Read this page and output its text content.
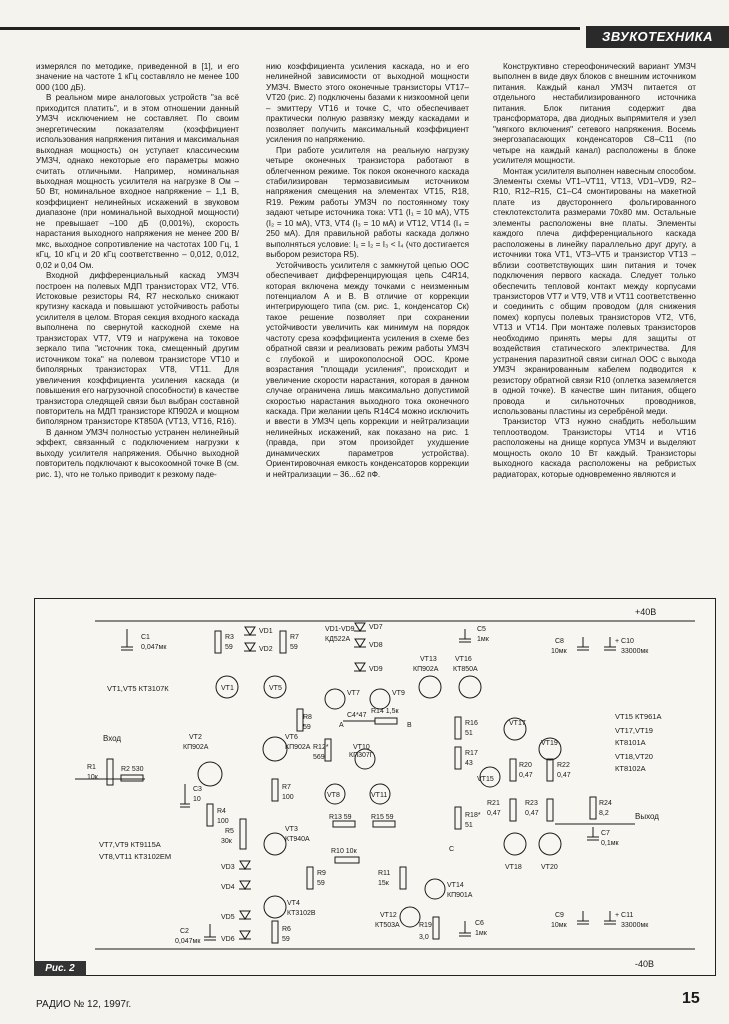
ЗВУКОТЕХНИКА

измерялся по методике, приведенной в [1], и его значение на частоте 1 кГц составляло не менее 100 000 (100 дБ).

В реальном мире аналоговых устройств "за всё приходится платить", и в этом отношении данный УМЗЧ исключением не составляет. По своим энергетическим показателям (коэффициент использования напряжения питания и максимальная выходная мощность) он уступает классическим УМЗЧ, однако некоторые его параметры можно считать отличными. Например, номинальная выходная мощность усилителя на нагрузке 8 Ом – 50 Вт, номинальное входное напряжение – 1,1 В, коэффициент нелинейных искажений в звуковом диапазоне (при номинальной выходной мощности) не превышает –100 дБ (0,001%), скорость нарастания выходного напряжения не менее 200 В/мкс, выходное сопротивление на частотах 100 Гц, 1 кГц, 10 кГц и 20 кГц соответственно – 0,012, 0,012, 0,02 и 0,04 Ом.

Входной дифференциальный каскад УМЗЧ построен на полевых МДП транзисторах VT2, VT6. Истоковые резисторы R4, R7 несколько снижают крутизну каскада и повышают устойчивость работы усилителя в целом. Вторая секция входного каскада выполнена по свернутой каскодной схеме на транзисторах VT7, VT9 и нагружена на токовое зеркало типа "источник тока, смещенный другим источником тока" на полевом транзисторе VT10 и биполярных транзисторах VT8, VT11. Для увеличения коэффициента усиления каскада (и повышения его нагрузочной способности) в качестве транзистора следящей связи был выбран составной повторитель на МДП транзисторе КП902А и мощном биполярном транзисторе КТ850А (VT13, VT16, R16).

В данном УМЗЧ полностью устранен нелинейный эффект, связанный с подключением нагрузки к выходу усилителя напряжения. Обычно выходной повторитель подключают к высокоомной точке В (см. рис. 1), что не только приводит к резкому паде-

нию коэффициента усиления каскада, но и его нелинейной зависимости от выходной мощности УМЗЧ. Вместо этого оконечные транзисторы VT17–VT20 (рис. 2) подключены базами к низкоомной цепи – эмиттеру VT16 и точке С, что обеспечивает практически полную развязку между каскадами и позволяет получить максимальный коэффициент усиления по напряжению.

При работе усилителя на реальную нагрузку четыре оконечных транзистора работают в облегченном режиме. Ток покоя оконечного каскада стабилизирован термозависимым источником напряжения смещения на элементах VT15, R18, R19. Режим работы УМЗЧ по постоянному току задают четыре источника тока: VT1 (I₁ = 10 мА), VT5 (I₂ = 10 мА), VT3, VT4 (I₃ = 10 мА) и VT12, VT14 (I₄ = 250 мА). Для правильной работы каскада должно выполняться условие: I₁ = I₂ = I₃ < I₄ (что достигается выбором резистора R5).

Устойчивость усилителя с замкнутой цепью ООС обеспечивает дифференцирующая цепь C4R14, которая включена между точками с неизменным потенциалом А и В. В отличие от коррекции интегрирующего типа (см. рис. 1, конденсатор Cк) такое решение позволяет при сохранении устойчивости увеличить как минимум на порядок частоту среза коэффициента усиления в схеме без обратной связи и реализовать режим работы УМЗЧ с глубокой и широкополосной ООС. Кроме возрастания "площади усиления", происходит и увеличение скорости нарастания, которая в данном случае ограничена лишь максимально допустимой скоростью нарастания выходного тока оконечного каскада. При желании цепь R14C4 можно исключить и ввести в УМЗЧ цепь коррекции и нейтрализации нелинейных искажений, как показано на рис. 1 (правда, при этом произойдет ухудшение динамических параметров устройства). Ориентировочная емкость конденсаторов коррекции и нейтрализации – 36...62 пФ.

Конструктивно стереофонический вариант УМЗЧ выполнен в виде двух блоков с внешним источником питания. Каждый канал УМЗЧ питается от отдельного нестабилизированного источника питания. Блок питания содержит два трансформатора, два диодных выпрямителя и узел "мягкого включения" сетевого напряжения. Восемь энергозапасающих конденсаторов С8–С11 (по четыре на каждый канал) расположены в блоке усилителя мощности.

Монтаж усилителя выполнен навесным способом. Элементы схемы VT1–VT11, VT13, VD1–VD9, R2–R10, R12–R15, C1–C4 смонтированы на макетной плате из двустороннего фольгированного стеклотекстолита размерами 70х80 мм. Остальные элементы расположены вне платы. Элементы каждого плеча дифференциального каскада расположены в линейку параллельно друг другу, а источники тока VT1, VT3–VT5 и транзистор VT13 – вблизи соответствующих шин питания и точек подключения первого каскада. Следует только обеспечить тепловой контакт между корпусами транзисторов VT7 и VT9, VT8 и VT11 соответственно и соединить с общим проводом (для снижения помех) корпусы полевых транзисторов VT2, VT6, VT13 и VT14. При монтаже полевых транзисторов необходимо принять меры для защиты от воздействия статического электричества. Для устранения паразитной связи сигнал ООС с выхода УМЗЧ экранированным кабелем подводится к резистору обратной связи R10 (оплетка заземляется в одной точке). В качестве шин питания, общего провода и сильноточных проводников, использованы пластины из серебрёной меди.

Транзистор VT3 нужно снабдить небольшим теплоотводом. Транзисторы VT14 и VT16 расположены на днище корпуса УМЗЧ и выделяют мощность около 10 Вт каждый. Транзисторы выходного каскада расположены на ребристых радиаторах, которые одновременно являются и

+40В
-40В
Вход
R1
10к
R2 530
C3
10
C1
0,047мк
R3
59
VD1
VD2
R7
59
VT1	VT5
VT1,VT5 КТ3107К
VT2
КП902А
R4
100
R5
30к
VT6
КП902А
R7
100
VT3
КТ940А
VT7,VT9 КТ9115А
VT8,VT11 КТ3102ЕМ
VD3
VD4
VD5
VD6
VT4
КТ3102В
R6
59
C2
0,047мк
VD1-VD9
КД522А
VD7
VD8
VD9
VT7	VT9
C4*47
A
R14 1,5к
B
R12*
569
VT10
КП307Г
VT8	VT11
R13 59	R15 59
R8
59
R9
59
R10 10к
R11
15к
VT12
КТ503А
VT14
КП901А
R19
3,0
C6
1мк
VT13
КП902А
VT16
КТ850А
C5
1мк
R16
51
R17
43
VT15
R18*
51
C
VT17
VT19
R20
0,47
R22
0,47
R21
0,47
R23
0,47
VT18	VT20
VT15 КТ961А
VT17,VT19
КТ8101А
VT18,VT20
КТ8102А
C8
10мк
+ C10
33000мк
C9
10мк
+ C11
33000мк
R24
8,2
C7
0,1мк
Выход
Рис. 2
РАДИО № 12, 1997г.	15
